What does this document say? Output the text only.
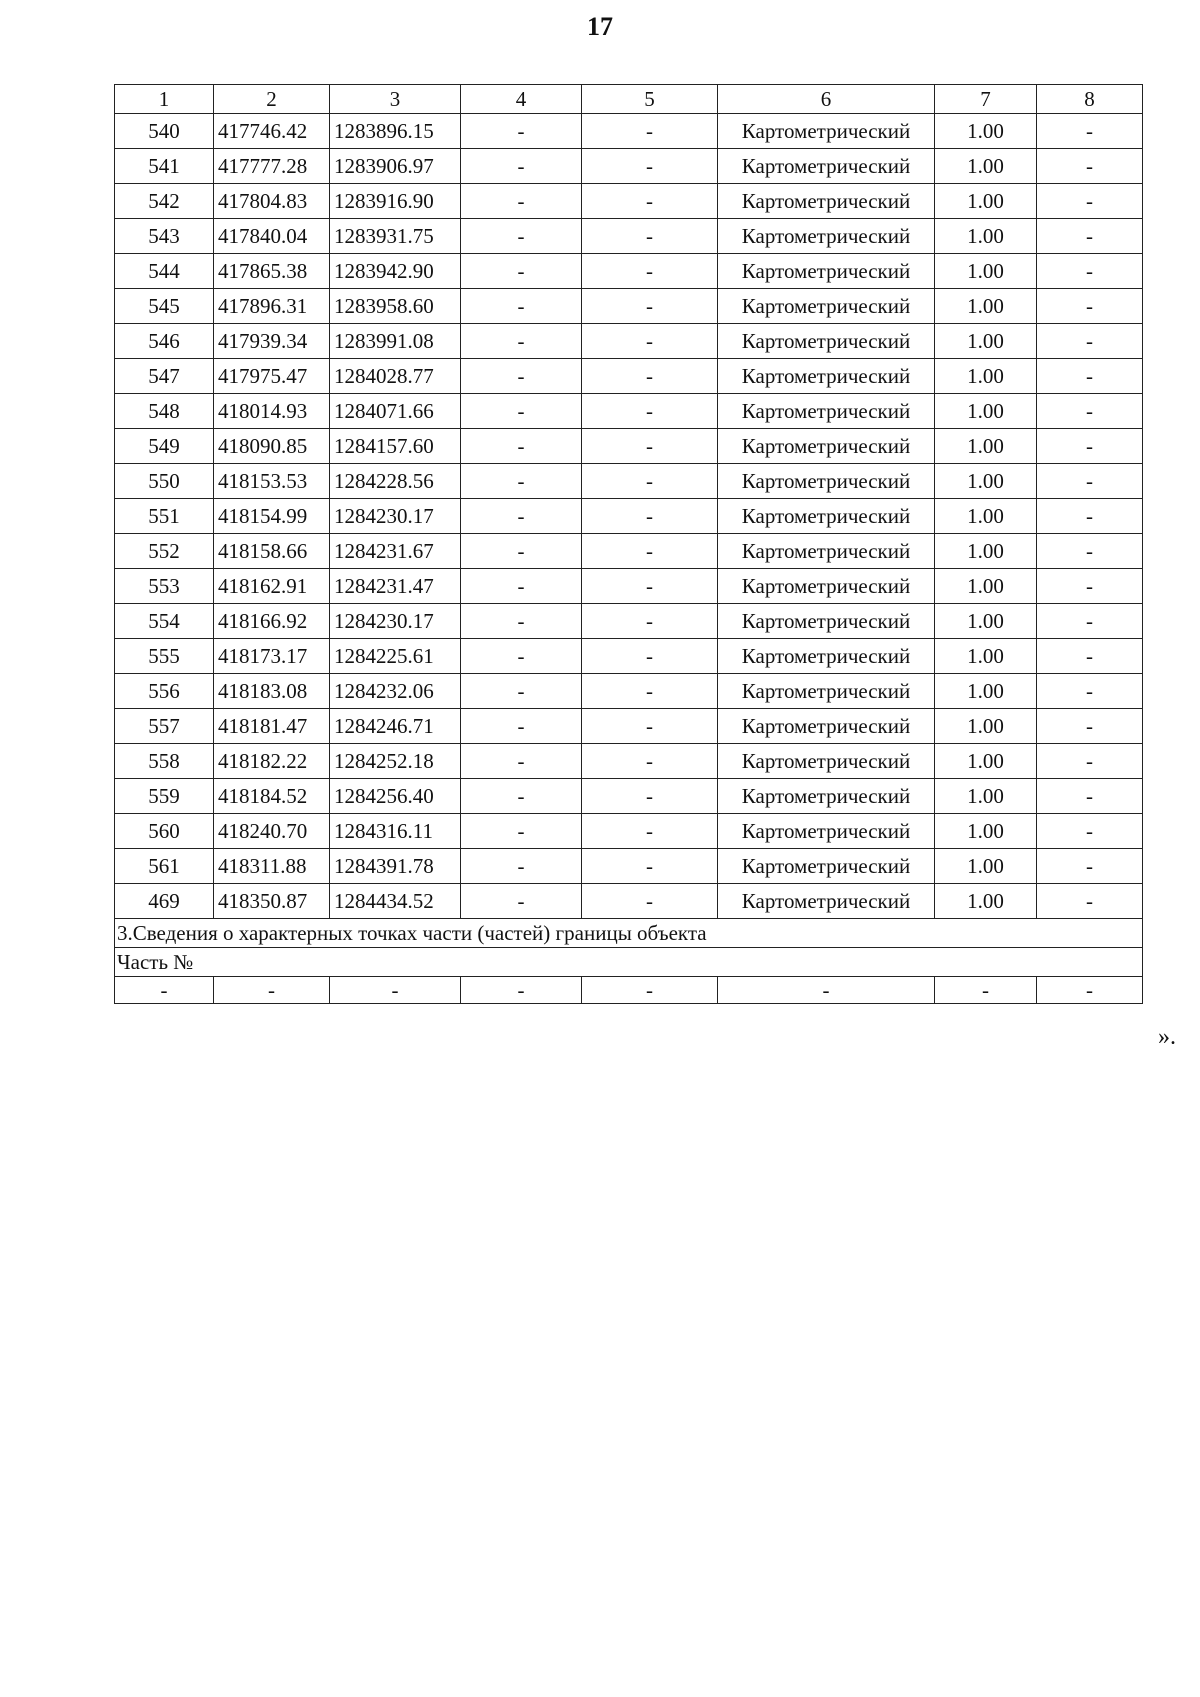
17
1	2	3	4	5	6	7	8
540	417746.42	1283896.15	-	-	Картометрический	1.00	-
541	417777.28	1283906.97	-	-	Картометрический	1.00	-
542	417804.83	1283916.90	-	-	Картометрический	1.00	-
543	417840.04	1283931.75	-	-	Картометрический	1.00	-
544	417865.38	1283942.90	-	-	Картометрический	1.00	-
545	417896.31	1283958.60	-	-	Картометрический	1.00	-
546	417939.34	1283991.08	-	-	Картометрический	1.00	-
547	417975.47	1284028.77	-	-	Картометрический	1.00	-
548	418014.93	1284071.66	-	-	Картометрический	1.00	-
549	418090.85	1284157.60	-	-	Картометрический	1.00	-
550	418153.53	1284228.56	-	-	Картометрический	1.00	-
551	418154.99	1284230.17	-	-	Картометрический	1.00	-
552	418158.66	1284231.67	-	-	Картометрический	1.00	-
553	418162.91	1284231.47	-	-	Картометрический	1.00	-
554	418166.92	1284230.17	-	-	Картометрический	1.00	-
555	418173.17	1284225.61	-	-	Картометрический	1.00	-
556	418183.08	1284232.06	-	-	Картометрический	1.00	-
557	418181.47	1284246.71	-	-	Картометрический	1.00	-
558	418182.22	1284252.18	-	-	Картометрический	1.00	-
559	418184.52	1284256.40	-	-	Картометрический	1.00	-
560	418240.70	1284316.11	-	-	Картометрический	1.00	-
561	418311.88	1284391.78	-	-	Картометрический	1.00	-
469	418350.87	1284434.52	-	-	Картометрический	1.00	-
3.Сведения о характерных точках части (частей) границы объекта							
Часть №							
-	-	-	-	-	-	-	-
».
